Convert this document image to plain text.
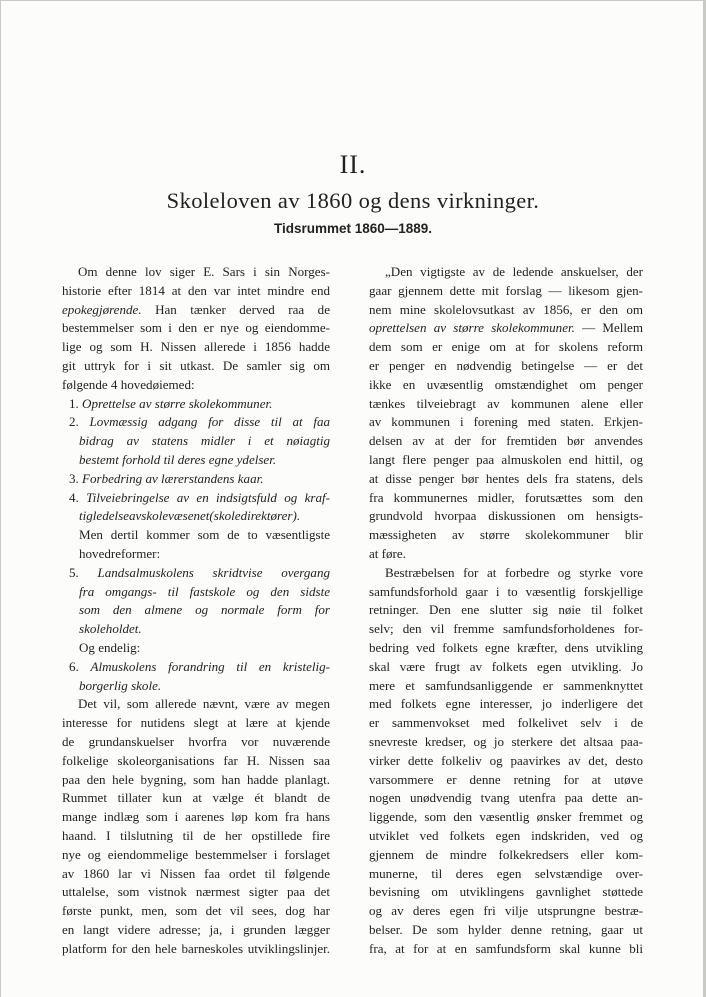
II.
Skoleloven av 1860 og dens virkninger.
Tidsrummet 1860—1889.
Om denne lov siger E. Sars i sin Norges-
historie efter 1814 at den var intet mindre end
epokegjørende. Han tænker derved raa de
bestemmelser som i den er nye og eiendomme-
lige og som H. Nissen allerede i 1856 hadde
git uttryk for i sit utkast. De samler sig om
følgende 4 hovedøiemed:
1. Oprettelse av større skolekommuner.
2. Lovmæssig adgang for disse til at faa
bidrag av statens midler i et nøiagtig
bestemt forhold til deres egne ydelser.
3. Forbedring av lærerstandens kaar.
4. Tilveiebringelse av en indsigtsfuld og kraf-
tigledelseavskolevæsenet(skoledirektører).
Men dertil kommer som de to væsentligste
hovedreformer:
5. Landsalmuskolens skridtvise overgang
fra omgangs- til fastskole og den sidste
som den almene og normale form for
skoleholdet.
Og endelig:
6. Almuskolens forandring til en kristelig-
borgerlig skole.
Det vil, som allerede nævnt, være av megen
interesse for nutidens slegt at lære at kjende
de grundanskuelser hvorfra vor nuværende
folkelige skoleorganisations far H. Nissen saa
paa den hele bygning, som han hadde planlagt.
Rummet tillater kun at vælge ét blandt de
mange indlæg som i aarenes løp kom fra hans
haand. I tilslutning til de her opstillede fire
nye og eiendommelige bestemmelser i forslaget
av 1860 lar vi Nissen faa ordet til følgende
uttalelse, som vistnok nærmest sigter paa det
første punkt, men, som det vil sees, dog har
en langt videre adresse; ja, i grunden lægger
platform for den hele barneskoles utviklingslinjer.
„Den vigtigste av de ledende anskuelser, der
gaar gjennem dette mit forslag — likesom gjen-
nem mine skolelovsutkast av 1856, er den om
oprettelsen av større skolekommuner. — Mellem
dem som er enige om at for skolens reform
er penger en nødvendig betingelse — er det
ikke en uvæsentlig omstændighet om penger
tænkes tilveiebragt av kommunen alene eller
av kommunen i forening med staten. Erkjen-
delsen av at der for fremtiden bør anvendes
langt flere penger paa almuskolen end hittil, og
at disse penger bør hentes dels fra statens, dels
fra kommunernes midler, forutsættes som den
grundvold hvorpaa diskussionen om hensigts-
mæssigheten av større skolekommuner blir
at føre.
Bestræbelsen for at forbedre og styrke vore
samfundsforhold gaar i to væsentlig forskjellige
retninger. Den ene slutter sig nøie til folket
selv; den vil fremme samfundsforholdenes for-
bedring ved folkets egne kræfter, dens utvikling
skal være frugt av folkets egen utvikling. Jo
mere et samfundsanliggende er sammenknyttet
med folkets egne interesser, jo inderligere det
er sammenvokset med folkelivet selv i de
snevreste kredser, og jo sterkere det altsaa paa-
virker dette folkeliv og paavirkes av det, desto
varsommere er denne retning for at utøve
nogen unødvendig tvang utenfra paa dette an-
liggende, som den væsentlig ønsker fremmet og
utviklet ved folkets egen indskriden, ved og
gjennem de mindre folkekredsers eller kom-
munerne, til deres egen selvstændige over-
bevisning om utviklingens gavnlighet støttede
og av deres egen fri vilje utsprungne bestræ-
belser. De som hylder denne retning, gaar ut
fra, at for at en samfundsform skal kunne bli
